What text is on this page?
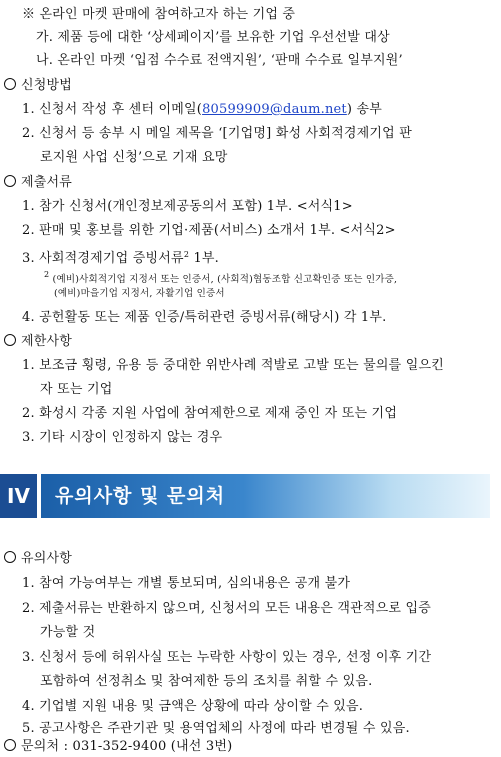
※ 온라인 마켓 판매에 참여하고자 하는 기업 중
가. 제품 등에 대한 ‘상세페이지’를 보유한 기업 우선선발 대상
나. 온라인 마켓 ‘입점 수수료 전액지원’, ‘판매 수수료 일부지원’
신청방법
1. 신청서 작성 후 센터 이메일(80599909@daum.net) 송부
2. 신청서 등 송부 시 메일 제목을 ‘[기업명] 화성 사회적경제기업 판
로지원 사업 신청’으로 기재 요망
제출서류
1. 참가 신청서(개인정보제공동의서 포함) 1부. <서식1>
2. 판매 및 홍보를 위한 기업·제품(서비스) 소개서 1부. <서식2>
3. 사회적경제기업 증빙서류$^2$ 1부.
$^2$ (예비)사회적기업 지정서 또는 인증서, (사회적)협동조합 신고확인증 또는 인가증,
(예비)마을기업 지정서, 자활기업 인증서
4. 공헌활동 또는 제품 인증/특허관련 증빙서류(해당시) 각 1부.
제한사항
1. 보조금 횡령, 유용 등 중대한 위반사례 적발로 고발 또는 물의를 일으킨
자 또는 기업
2. 화성시 각종 지원 사업에 참여제한으로 제재 중인 자 또는 기업
3. 기타 시장이 인정하지 않는 경우
IV	유의사항 및 문의처
유의사항
1. 참여 가능여부는 개별 통보되며, 심의내용은 공개 불가
2. 제출서류는 반환하지 않으며, 신청서의 모든 내용은 객관적으로 입증
가능할 것
3. 신청서 등에 허위사실 또는 누락한 사항이 있는 경우, 선정 이후 기간
포함하여 선정취소 및 참여제한 등의 조치를 취할 수 있음.
4. 기업별 지원 내용 및 금액은 상황에 따라 상이할 수 있음.
5. 공고사항은 주관기관 및 용역업체의 사정에 따라 변경될 수 있음.
문의처 : 031-352-9400 (내선 3번)
